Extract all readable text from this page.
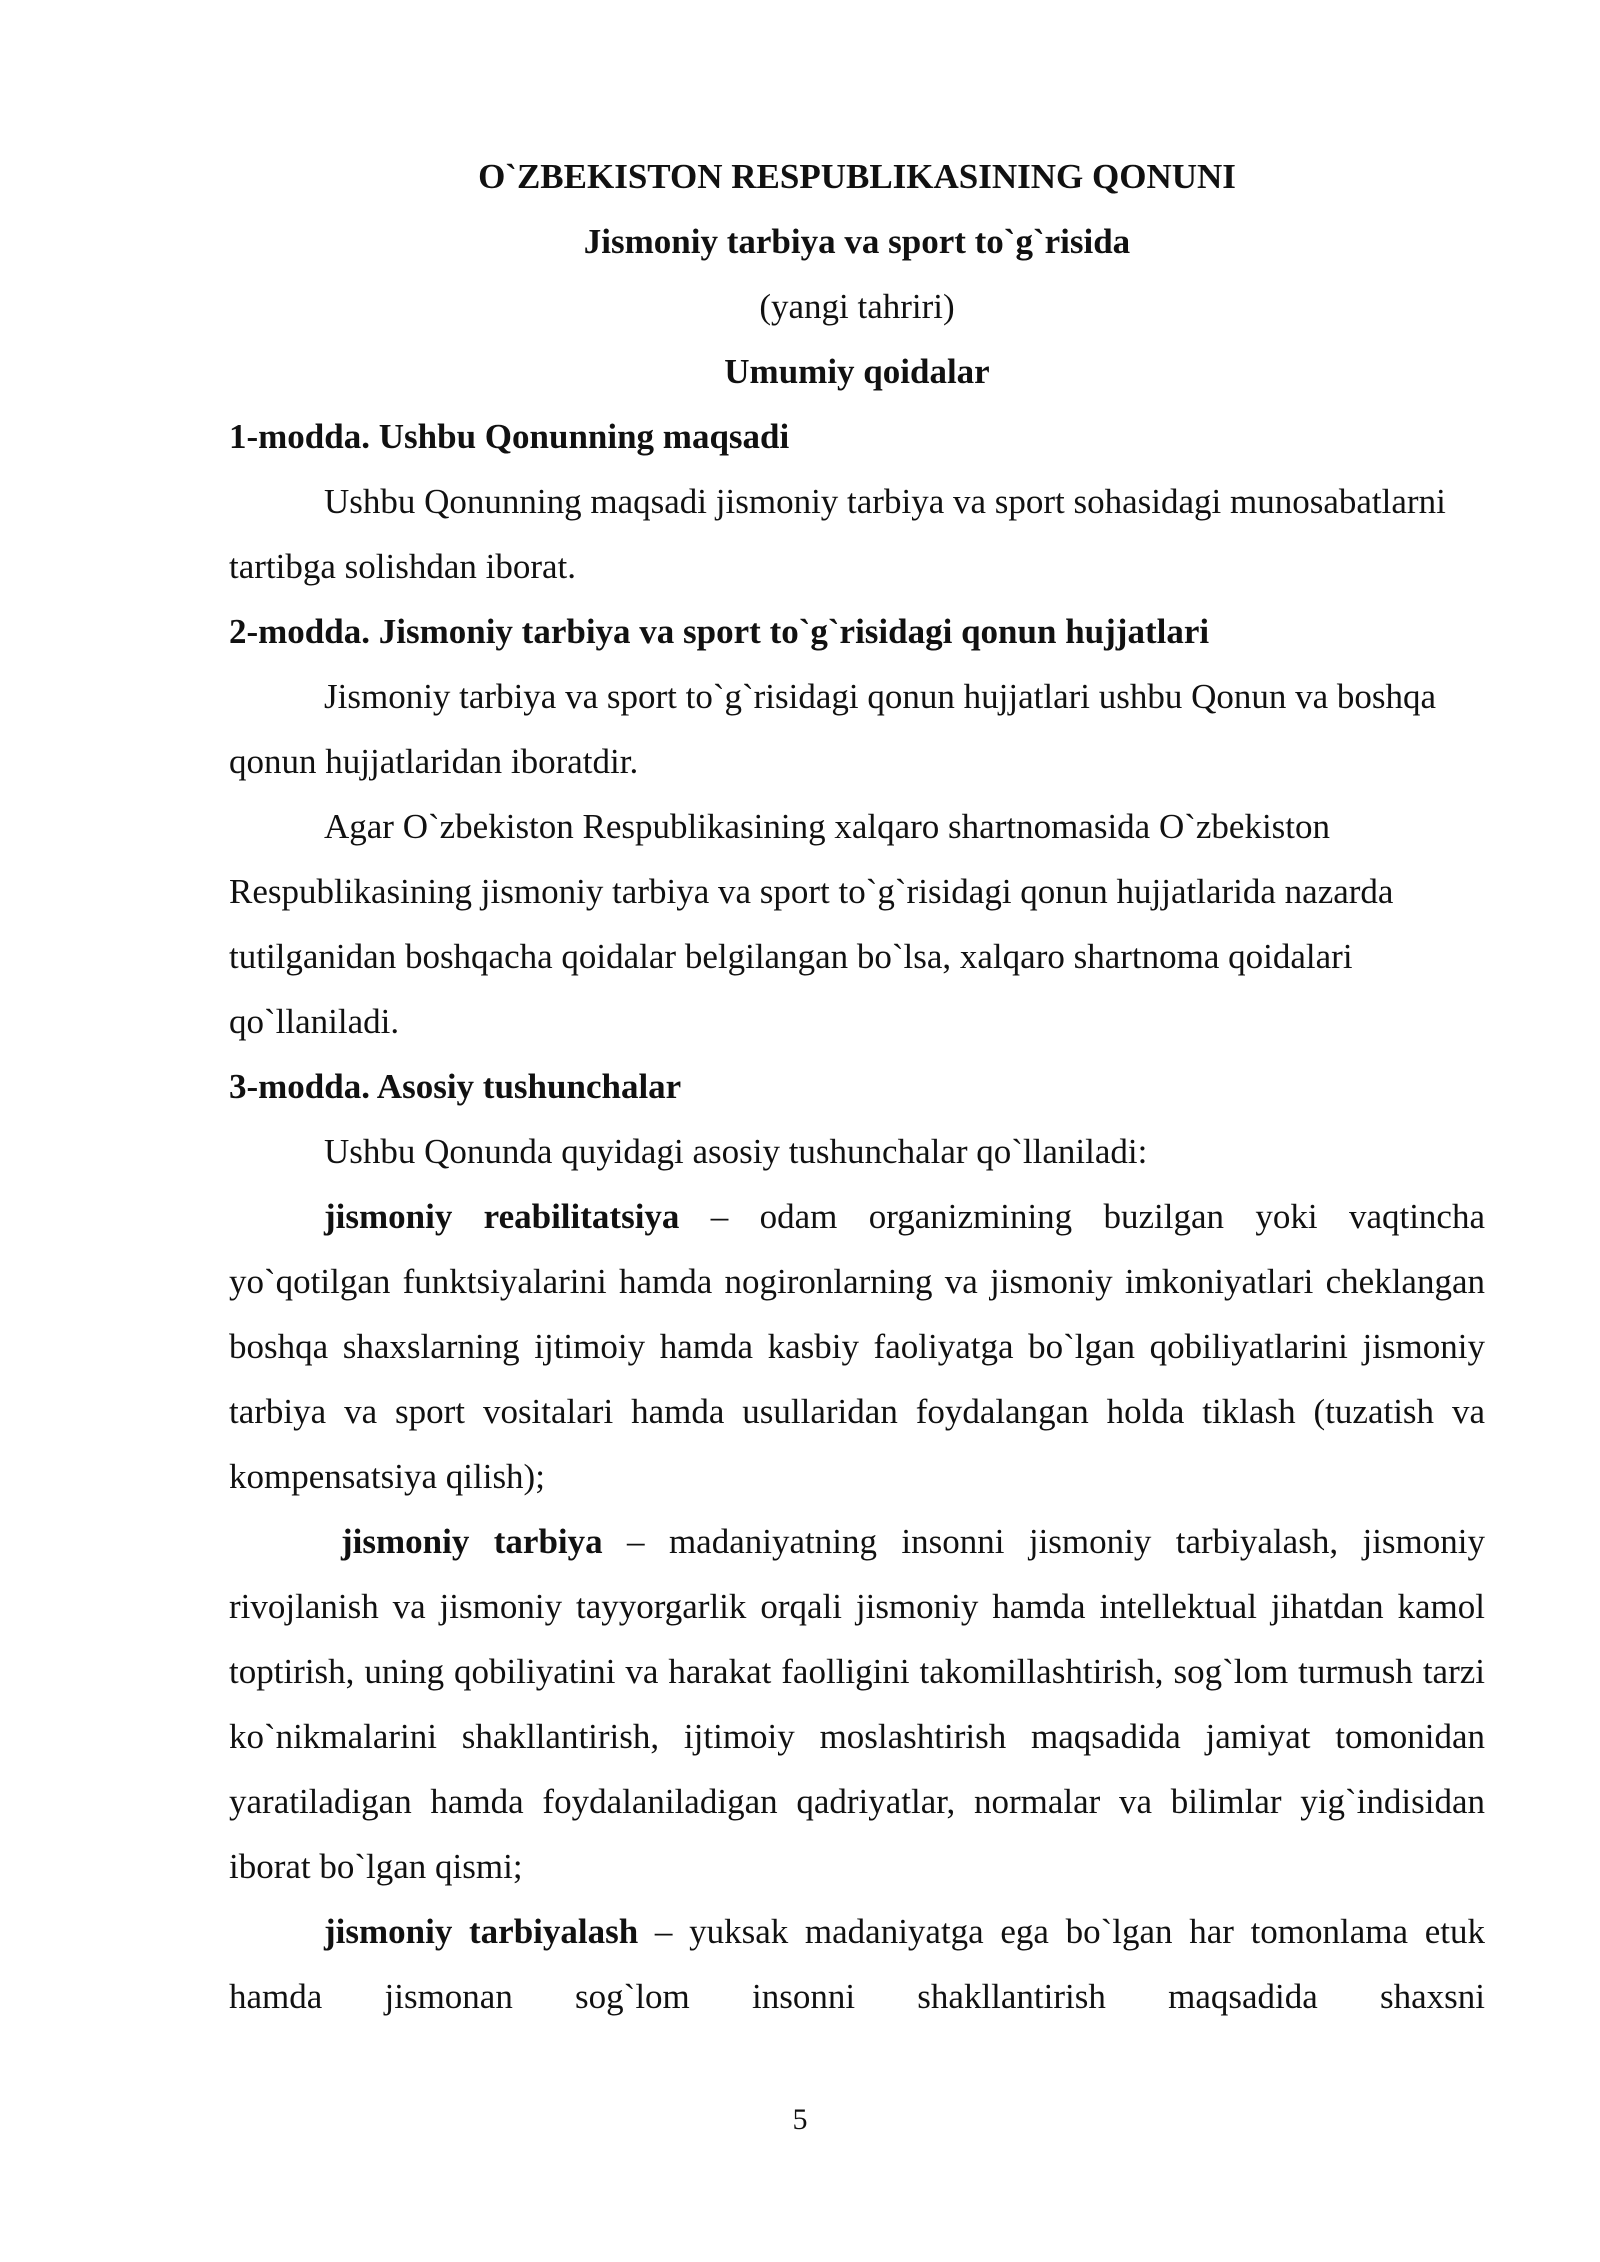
O`ZBEKISTON RESPUBLIKASINING QONUNI

Jismoniy tarbiya va sport to`g`risida

(yangi tahriri)

Umumiy qoidalar

1-modda. Ushbu Qonunning maqsadi

Ushbu Qonunning maqsadi jismoniy tarbiya va sport sohasidagi munosabatlarni tartibga solishdan iborat.

2-modda. Jismoniy tarbiya va sport to`g`risidagi qonun hujjatlari

Jismoniy tarbiya va sport to`g`risidagi qonun hujjatlari ushbu Qonun va boshqa qonun hujjatlaridan iboratdir.

Agar O`zbekiston Respublikasining xalqaro shartnomasida O`zbekiston Respublikasining jismoniy tarbiya va sport to`g`risidagi qonun hujjatlarida nazarda tutilganidan boshqacha qoidalar belgilangan bo`lsa, xalqaro shartnoma qoidalari qo`llaniladi.

3-modda. Asosiy tushunchalar

Ushbu Qonunda quyidagi asosiy tushunchalar qo`llaniladi:

jismoniy reabilitatsiya – odam organizmining buzilgan yoki vaqtincha yo`qotilgan funktsiyalarini hamda nogironlarning va jismoniy imkoniyatlari cheklangan boshqa shaxslarning ijtimoiy hamda kasbiy faoliyatga bo`lgan qobiliyatlarini jismoniy tarbiya va sport vositalari hamda usullaridan foydalangan holda tiklash (tuzatish va kompensatsiya qilish);

jismoniy tarbiya – madaniyatning insonni jismoniy tarbiyalash, jismoniy rivojlanish va jismoniy tayyorgarlik orqali jismoniy hamda intellektual jihatdan kamol toptirish, uning qobiliyatini va harakat faolligini takomillashtirish, sog`lom turmush tarzi ko`nikmalarini shakllantirish, ijtimoiy moslashtirish maqsadida jamiyat tomonidan yaratiladigan hamda foydalaniladigan qadriyatlar, normalar va bilimlar yig`indisidan iborat bo`lgan qismi;

jismoniy tarbiyalash – yuksak madaniyatga ega bo`lgan har tomonlama etuk hamda jismonan sog`lom insonni shakllantirish maqsadida shaxsni

5
